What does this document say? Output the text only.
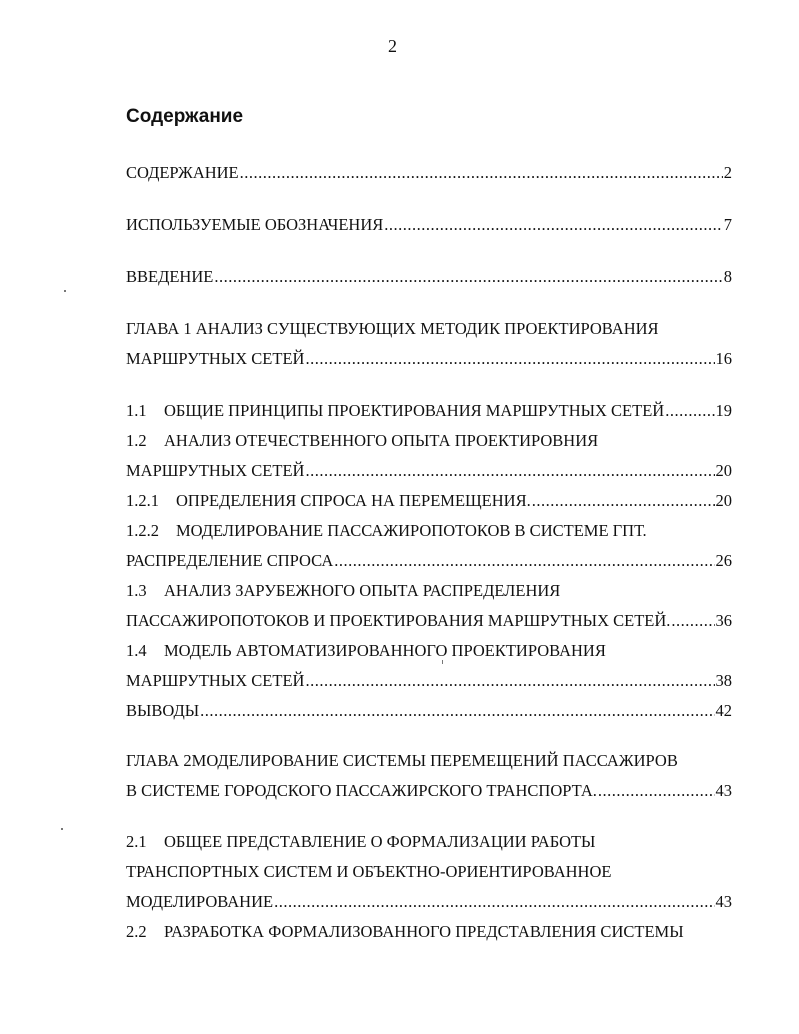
2
Содержание
СОДЕРЖАНИЕ .....	2
ИСПОЛЬЗУЕМЫЕ ОБОЗНАЧЕНИЯ .....	7
ВВЕДЕНИЕ .....	8
ГЛАВА 1 АНАЛИЗ СУЩЕСТВУЮЩИХ МЕТОДИК ПРОЕКТИРОВАНИЯ
МАРШРУТНЫХ СЕТЕЙ .....	16
1.1 ОБЩИЕ ПРИНЦИПЫ ПРОЕКТИРОВАНИЯ МАРШРУТНЫХ СЕТЕЙ .....	19
1.2 АНАЛИЗ ОТЕЧЕСТВЕННОГО ОПЫТА ПРОЕКТИРОВНИЯ
МАРШРУТНЫХ СЕТЕЙ .....	20
1.2.1 ОПРЕДЕЛЕНИЯ СПРОСА НА ПЕРЕМЕЩЕНИЯ. .....	20
1.2.2 МОДЕЛИРОВАНИЕ ПАССАЖИРОПОТОКОВ В СИСТЕМЕ ГПТ.
РАСПРЕДЕЛЕНИЕ СПРОСА .....	26
1.3 АНАЛИЗ ЗАРУБЕЖНОГО ОПЫТА РАСПРЕДЕЛЕНИЯ
ПАССАЖИРОПОТОКОВ И ПРОЕКТИРОВАНИЯ МАРШРУТНЫХ СЕТЕЙ. .....	36
1.4 МОДЕЛЬ АВТОМАТИЗИРОВАННОГО ПРОЕКТИРОВАНИЯ
МАРШРУТНЫХ СЕТЕЙ .....	38
ВЫВОДЫ .....	42
ГЛАВА 2МОДЕЛИРОВАНИЕ СИСТЕМЫ ПЕРЕМЕЩЕНИЙ ПАССАЖИРОВ
В СИСТЕМЕ ГОРОДСКОГО ПАССАЖИРСКОГО ТРАНСПОРТА. .....	43
2.1 ОБЩЕЕ ПРЕДСТАВЛЕНИЕ О ФОРМАЛИЗАЦИИ РАБОТЫ
ТРАНСПОРТНЫХ СИСТЕМ И ОБЪЕКТНО-ОРИЕНТИРОВАННОЕ
МОДЕЛИРОВАНИЕ .....	43
2.2 РАЗРАБОТКА ФОРМАЛИЗОВАННОГО ПРЕДСТАВЛЕНИЯ СИСТЕМЫ
